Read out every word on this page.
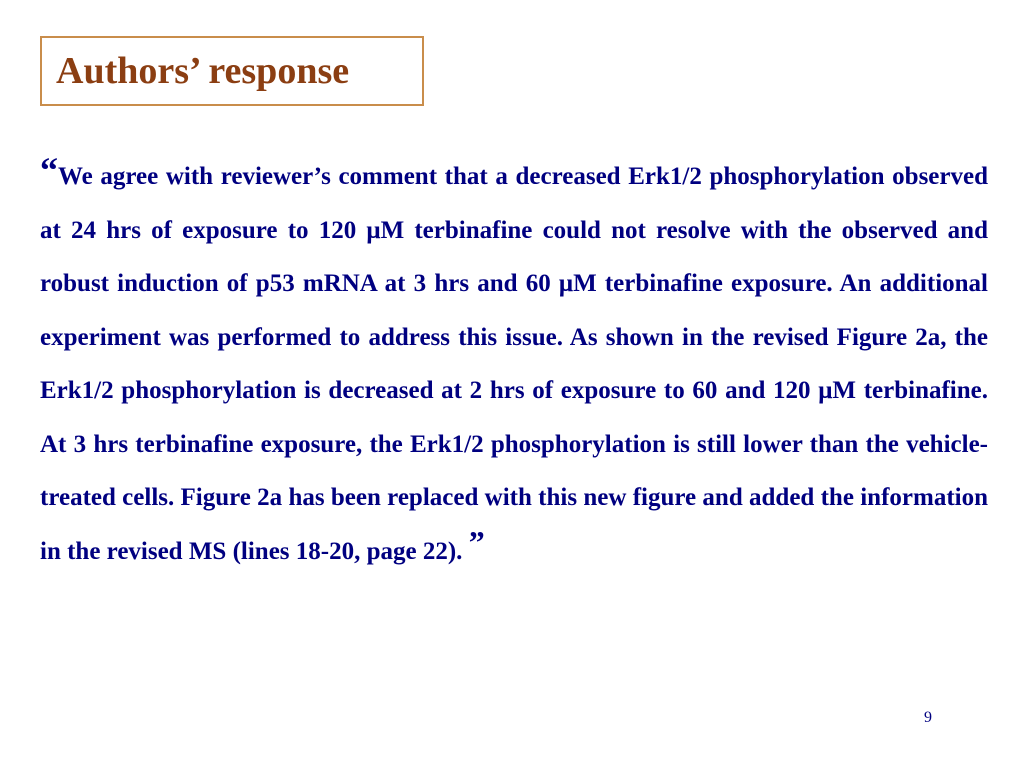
Authors’ response
“We agree with reviewer’s comment that a decreased Erk1/2 phosphorylation observed at 24 hrs of exposure to 120 μM terbinafine could not resolve with the observed and robust induction of p53 mRNA at 3 hrs and 60 μM terbinafine exposure. An additional experiment was performed to address this issue. As shown in the revised Figure 2a, the Erk1/2 phosphorylation is decreased at 2 hrs of exposure to 60 and 120 μM terbinafine. At 3 hrs terbinafine exposure, the Erk1/2 phosphorylation is still lower than the vehicle-treated cells. Figure 2a has been replaced with this new figure and added the information in the revised MS (lines 18-20, page 22). ”
9
